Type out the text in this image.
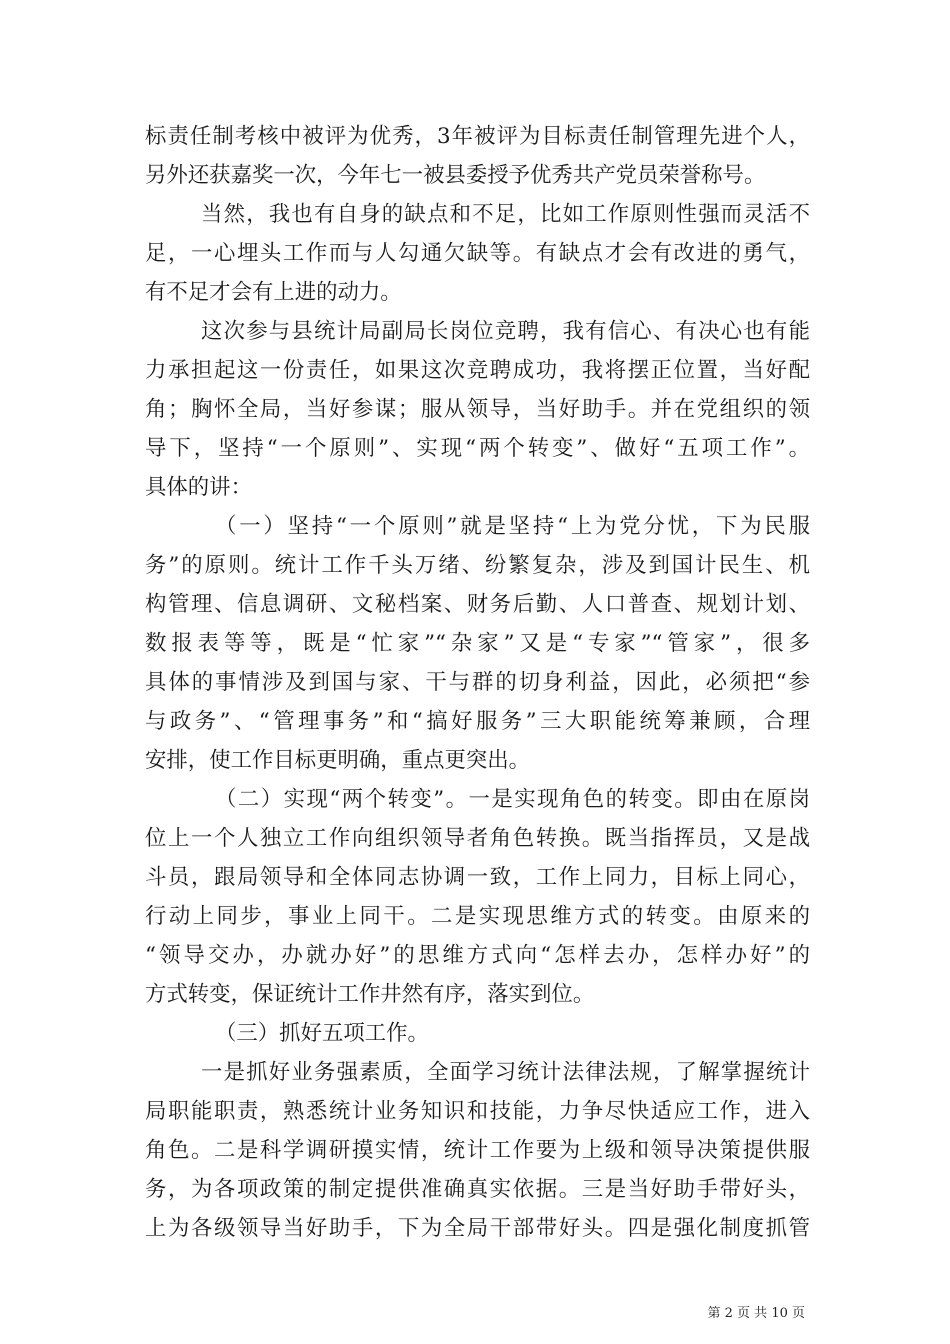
标责任制考核中被评为优秀，3年被评为目标责任制管理先进个人，
另外还获嘉奖一次，今年七一被县委授予优秀共产党员荣誉称号。
当然，我也有自身的缺点和不足，比如工作原则性强而灵活不
足，一心埋头工作而与人勾通欠缺等。有缺点才会有改进的勇气，
有不足才会有上进的动力。
这次参与县统计局副局长岗位竞聘，我有信心、有决心也有能
力承担起这一份责任，如果这次竞聘成功，我将摆正位置，当好配
角；胸怀全局，当好参谋；服从领导，当好助手。并在党组织的领
导下，坚持“一个原则”、实现“两个转变”、做好“五项工作”。
具体的讲：
（一）坚持“一个原则”就是坚持“上为党分忧，下为民服
务”的原则。统计工作千头万绪、纷繁复杂，涉及到国计民生、机
构管理、信息调研、文秘档案、财务后勤、人口普查、规划计划、
数报表等等，既是“忙家”“杂家”又是“专家”“管家”，很多
具体的事情涉及到国与家、干与群的切身利益，因此，必须把“参
与政务”、“管理事务”和“搞好服务”三大职能统筹兼顾，合理
安排，使工作目标更明确，重点更突出。
（二）实现“两个转变”。一是实现角色的转变。即由在原岗
位上一个人独立工作向组织领导者角色转换。既当指挥员，又是战
斗员，跟局领导和全体同志协调一致，工作上同力，目标上同心，
行动上同步，事业上同干。二是实现思维方式的转变。由原来的
“领导交办，办就办好”的思维方式向“怎样去办，怎样办好”的
方式转变，保证统计工作井然有序，落实到位。
（三）抓好五项工作。
一是抓好业务强素质，全面学习统计法律法规，了解掌握统计
局职能职责，熟悉统计业务知识和技能，力争尽快适应工作，进入
角色。二是科学调研摸实情，统计工作要为上级和领导决策提供服
务，为各项政策的制定提供准确真实依据。三是当好助手带好头，
上为各级领导当好助手，下为全局干部带好头。四是强化制度抓管
第 2 页 共 10 页
